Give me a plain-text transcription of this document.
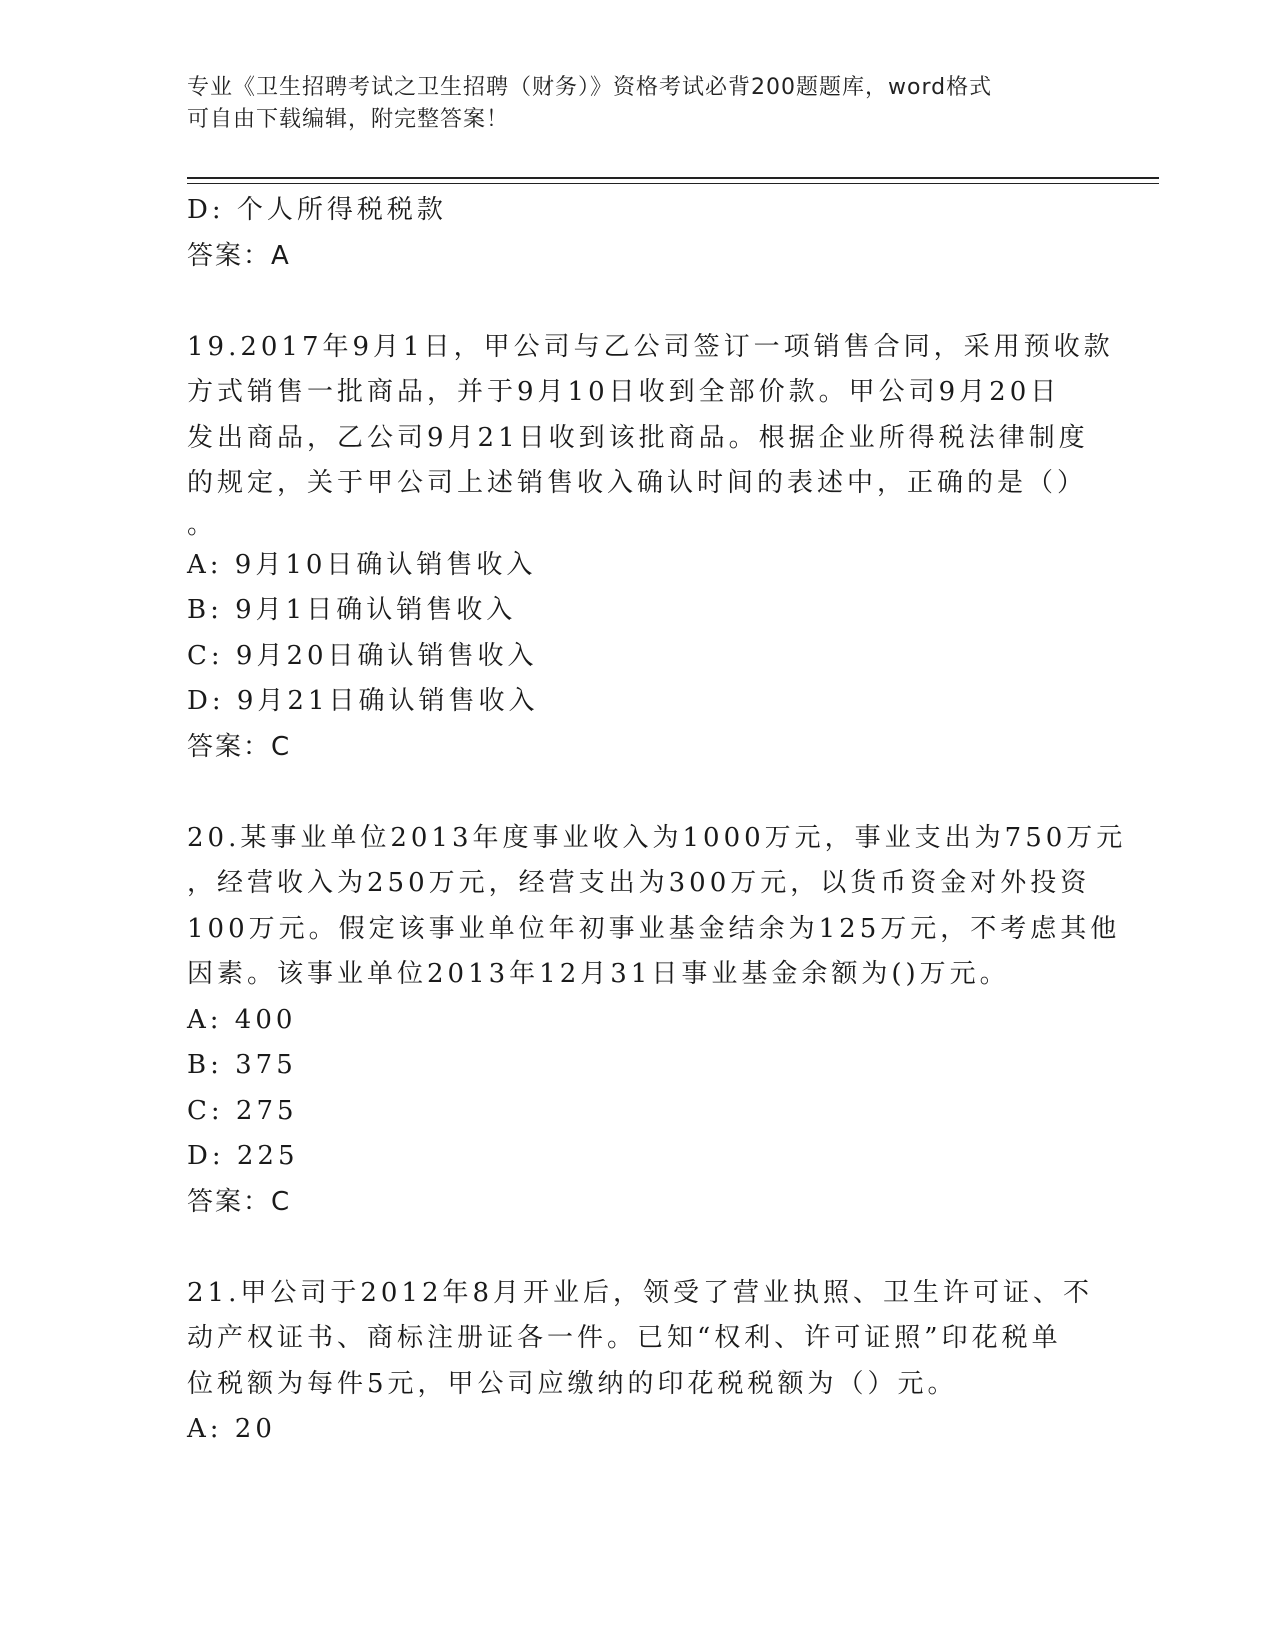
专业《卫生招聘考试之卫生招聘（财务）》资格考试必背200题题库，word格式
可自由下载编辑，附完整答案！
D: 个人所得税税款
答案：A
19.2017年9月1日，甲公司与乙公司签订一项销售合同，采用预收款
方式销售一批商品，并于9月10日收到全部价款。甲公司9月20日
发出商品，乙公司9月21日收到该批商品。根据企业所得税法律制度
的规定，关于甲公司上述销售收入确认时间的表述中，正确的是（）
。
A: 9月10日确认销售收入
B: 9月1日确认销售收入
C: 9月20日确认销售收入
D: 9月21日确认销售收入
答案：C
20.某事业单位2013年度事业收入为1000万元，事业支出为750万元
，经营收入为250万元，经营支出为300万元，以货币资金对外投资
100万元。假定该事业单位年初事业基金结余为125万元，不考虑其他
因素。该事业单位2013年12月31日事业基金余额为()万元。
A: 400
B: 375
C: 275
D: 225
答案：C
21.甲公司于2012年8月开业后，领受了营业执照、卫生许可证、不
动产权证书、商标注册证各一件。已知“权利、许可证照”印花税单
位税额为每件5元，甲公司应缴纳的印花税税额为（）元。
A: 20
